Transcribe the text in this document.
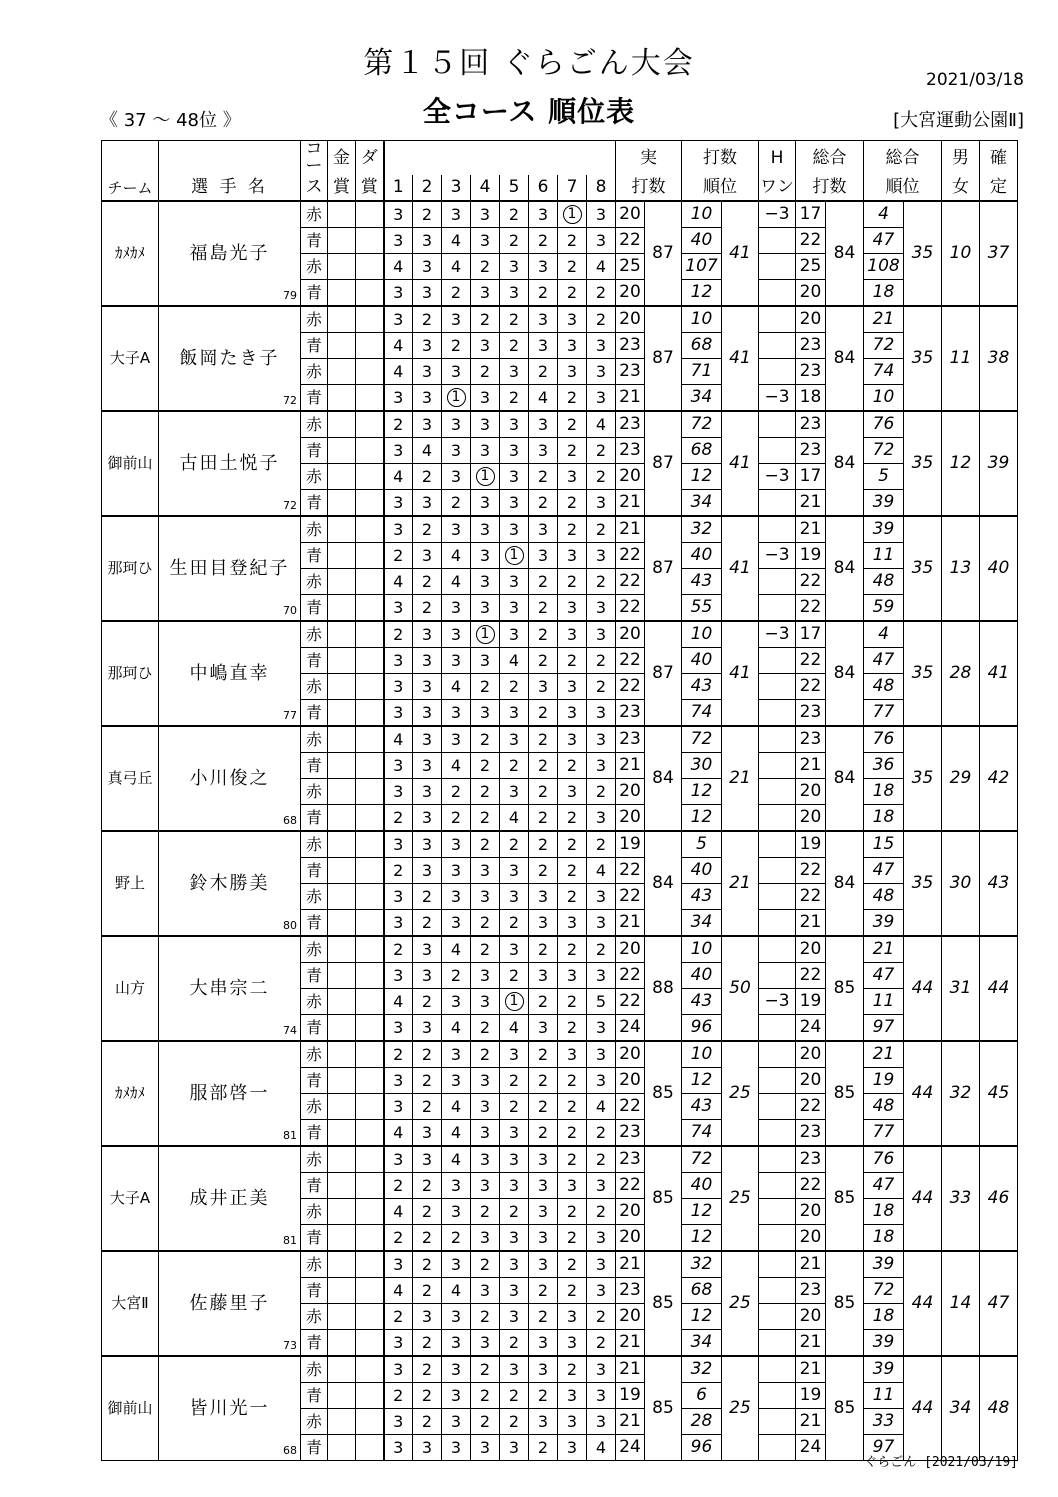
第１５回 ぐらごん大会	2021/03/18
《 37 ～ 48位 》	全コース 順位表	[大宮運動公園Ⅱ]
チーム	選 手 名	コー	金	ダ									実		打数		H	総合		総合		男	確
		ス	賞	賞	1	2	3	4	5	6	7	8	打数		順位		ワン	打数		順位		女	定
ｶﾒｶﾒ	福島光子
79	赤			3	2	3	3	2	3	1	3	20	87	10	41	−3	17	84	4	35	10	37
		青			3	3	4	3	2	2	2	3	22		40			22		47			
		赤			4	3	4	2	3	3	2	4	25		107			25		108			
		青			3	3	2	3	3	2	2	2	20		12			20		18			
大子A	飯岡たき子
72	赤			3	2	3	2	2	3	3	2	20	87	10	41		20	84	21	35	11	38
		青			4	3	2	3	2	3	3	3	23		68			23		72			
		赤			4	3	3	2	3	2	3	3	23		71			23		74			
		青			3	3	1	3	2	4	2	3	21		34		−3	18		10			
御前山	古田土悦子
72	赤			2	3	3	3	3	3	2	4	23	87	72	41		23	84	76	35	12	39
		青			3	4	3	3	3	3	2	2	23		68			23		72			
		赤			4	2	3	1	3	2	3	2	20		12		−3	17		5			
		青			3	3	2	3	3	2	2	3	21		34			21		39			
那珂ひ	生田目登紀子
70	赤			3	2	3	3	3	3	2	2	21	87	32	41		21	84	39	35	13	40
		青			2	3	4	3	1	3	3	3	22		40		−3	19		11			
		赤			4	2	4	3	3	2	2	2	22		43			22		48			
		青			3	2	3	3	3	2	3	3	22		55			22		59			
那珂ひ	中嶋直幸
77	赤			2	3	3	1	3	2	3	3	20	87	10	41	−3	17	84	4	35	28	41
		青			3	3	3	3	4	2	2	2	22		40			22		47			
		赤			3	3	4	2	2	3	3	2	22		43			22		48			
		青			3	3	3	3	3	2	3	3	23		74			23		77			
真弓丘	小川俊之
68	赤			4	3	3	2	3	2	3	3	23	84	72	21		23	84	76	35	29	42
		青			3	3	4	2	2	2	2	3	21		30			21		36			
		赤			3	3	2	2	3	2	3	2	20		12			20		18			
		青			2	3	2	2	4	2	2	3	20		12			20		18			
野上	鈴木勝美
80	赤			3	3	3	2	2	2	2	2	19	84	5	21		19	84	15	35	30	43
		青			2	3	3	3	3	2	2	4	22		40			22		47			
		赤			3	2	3	3	3	3	2	3	22		43			22		48			
		青			3	2	3	2	2	3	3	3	21		34			21		39			
山方	大串宗二
74	赤			2	3	4	2	3	2	2	2	20	88	10	50		20	85	21	44	31	44
		青			3	3	2	3	2	3	3	3	22		40			22		47			
		赤			4	2	3	3	1	2	2	5	22		43		−3	19		11			
		青			3	3	4	2	4	3	2	3	24		96			24		97			
ｶﾒｶﾒ	服部啓一
81	赤			2	2	3	2	3	2	3	3	20	85	10	25		20	85	21	44	32	45
		青			3	2	3	3	2	2	2	3	20		12			20		19			
		赤			3	2	4	3	2	2	2	4	22		43			22		48			
		青			4	3	4	3	3	2	2	2	23		74			23		77			
大子A	成井正美
81	赤			3	3	4	3	3	3	2	2	23	85	72	25		23	85	76	44	33	46
		青			2	2	3	3	3	3	3	3	22		40			22		47			
		赤			4	2	3	2	2	3	2	2	20		12			20		18			
		青			2	2	2	3	3	3	2	3	20		12			20		18			
大宮Ⅱ	佐藤里子
73	赤			3	2	3	2	3	3	2	3	21	85	32	25		21	85	39	44	14	47
		青			4	2	4	3	3	2	2	3	23		68			23		72			
		赤			2	3	3	2	3	2	3	2	20		12			20		18			
		青			3	2	3	3	2	3	3	2	21		34			21		39			
御前山	皆川光一
68	赤			3	2	3	2	3	3	2	3	21	85	32	25		21	85	39	44	34	48
		青			2	2	3	2	2	2	3	3	19		6			19		11			
		赤			3	2	3	2	2	3	3	3	21		28			21		33			
		青			3	3	3	3	3	2	3	4	24		96			24		97			
ぐらごん [2021/03/19]
